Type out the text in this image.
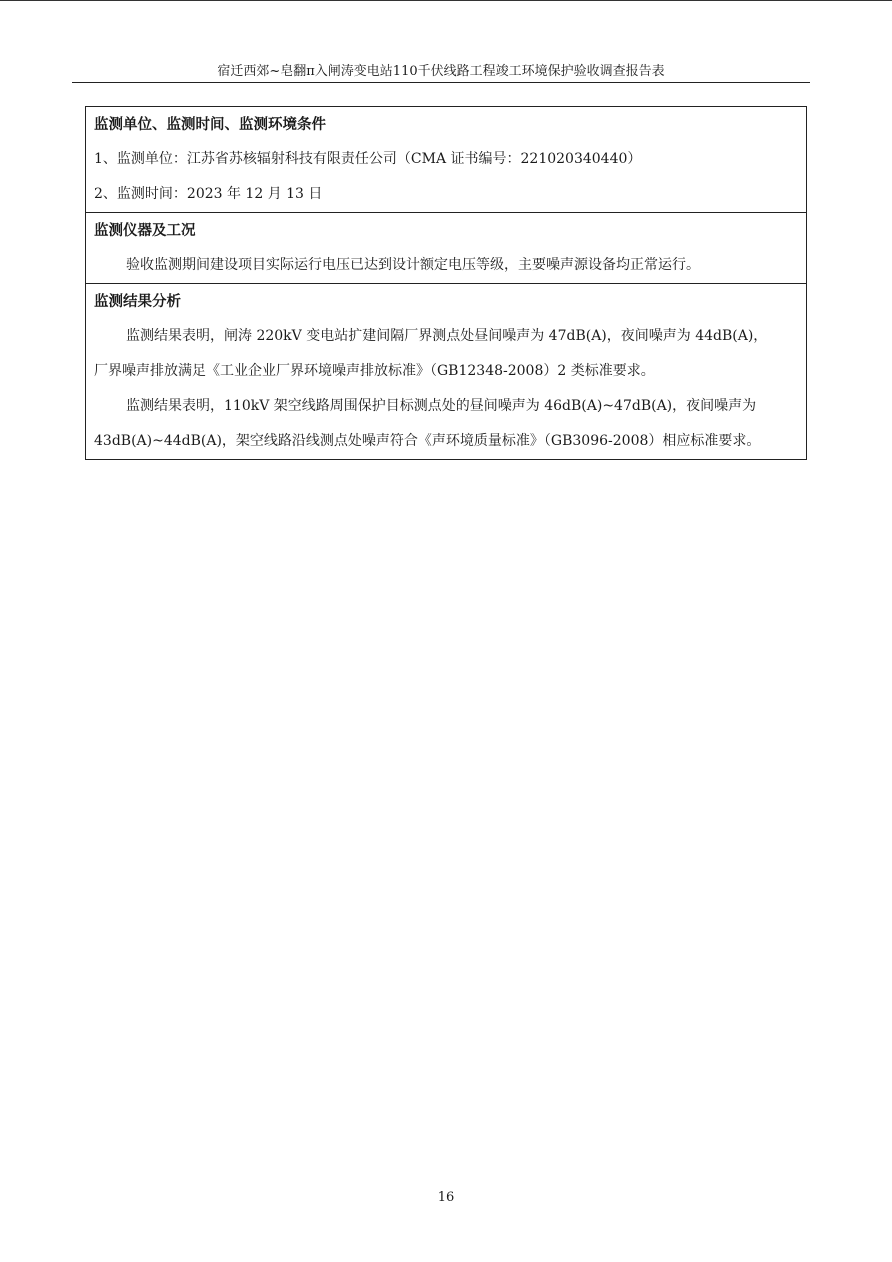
宿迁西郊~皂翻π入闸涛变电站110千伏线路工程竣工环境保护验收调查报告表
监测单位、监测时间、监测环境条件
1、监测单位：江苏省苏核辐射科技有限责任公司（CMA 证书编号：221020340440）
2、监测时间：2023 年 12 月 13 日

监测仪器及工况
验收监测期间建设项目实际运行电压已达到设计额定电压等级，主要噪声源设备均正常运行。

监测结果分析
监测结果表明，闸涛 220kV 变电站扩建间隔厂界测点处昼间噪声为 47dB(A)，夜间噪声为 44dB(A)，
厂界噪声排放满足《工业企业厂界环境噪声排放标准》（GB12348-2008）2 类标准要求。
监测结果表明，110kV 架空线路周围保护目标测点处的昼间噪声为 46dB(A)~47dB(A)，夜间噪声为
43dB(A)~44dB(A)，架空线路沿线测点处噪声符合《声环境质量标准》（GB3096-2008）相应标准要求。
16
